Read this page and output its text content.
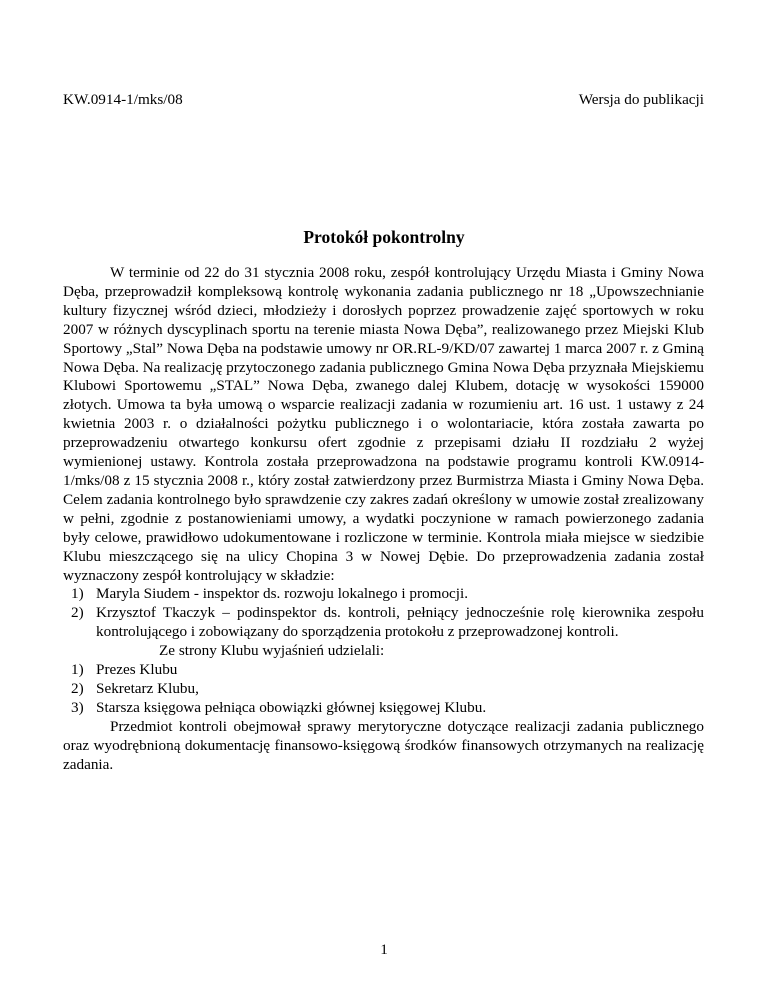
KW.0914-1/mks/08	Wersja do publikacji
Protokół pokontrolny

W terminie od 22 do 31 stycznia 2008 roku, zespół kontrolujący Urzędu Miasta i Gminy Nowa Dęba, przeprowadził kompleksową kontrolę wykonania zadania publicznego nr 18 „Upowszechnianie kultury fizycznej wśród dzieci, młodzieży i dorosłych poprzez prowadzenie zajęć sportowych w roku 2007 w różnych dyscyplinach sportu na terenie miasta Nowa Dęba”, realizowanego przez Miejski Klub Sportowy „Stal” Nowa Dęba na podstawie umowy nr OR.RL-9/KD/07 zawartej 1 marca 2007 r. z Gminą Nowa Dęba. Na realizację przytoczonego zadania publicznego Gmina Nowa Dęba przyznała Miejskiemu Klubowi Sportowemu „STAL” Nowa Dęba, zwanego dalej Klubem, dotację w wysokości 159000 złotych. Umowa ta była umową o wsparcie realizacji zadania w rozumieniu art. 16 ust. 1 ustawy z 24 kwietnia 2003 r. o działalności pożytku publicznego i o wolontariacie, która została zawarta po przeprowadzeniu otwartego konkursu ofert zgodnie z przepisami działu II rozdziału 2 wyżej wymienionej ustawy. Kontrola została przeprowadzona na podstawie programu kontroli KW.0914-1/mks/08 z 15 stycznia 2008 r., który został zatwierdzony przez Burmistrza Miasta i Gminy Nowa Dęba. Celem zadania kontrolnego było sprawdzenie czy zakres zadań określony w umowie został zrealizowany w pełni, zgodnie z postanowieniami umowy, a wydatki poczynione w ramach powierzonego zadania były celowe, prawidłowo udokumentowane i rozliczone w terminie. Kontrola miała miejsce w siedzibie Klubu mieszczącego się na ulicy Chopina 3 w Nowej Dębie. Do przeprowadzenia zadania został wyznaczony zespół kontrolujący w składzie:

1) Maryla Siudem - inspektor ds. rozwoju lokalnego i promocji.
2) Krzysztof Tkaczyk – podinspektor ds. kontroli, pełniący jednocześnie rolę kierownika zespołu kontrolującego i zobowiązany do sporządzenia protokołu z przeprowadzonej kontroli.

Ze strony Klubu wyjaśnień udzielali:

1) Prezes Klubu
2) Sekretarz Klubu,
3) Starsza księgowa pełniąca obowiązki głównej księgowej Klubu.

Przedmiot kontroli obejmował sprawy merytoryczne dotyczące realizacji zadania publicznego oraz wyodrębnioną dokumentację finansowo-księgową środków finansowych otrzymanych na realizację zadania.

1
